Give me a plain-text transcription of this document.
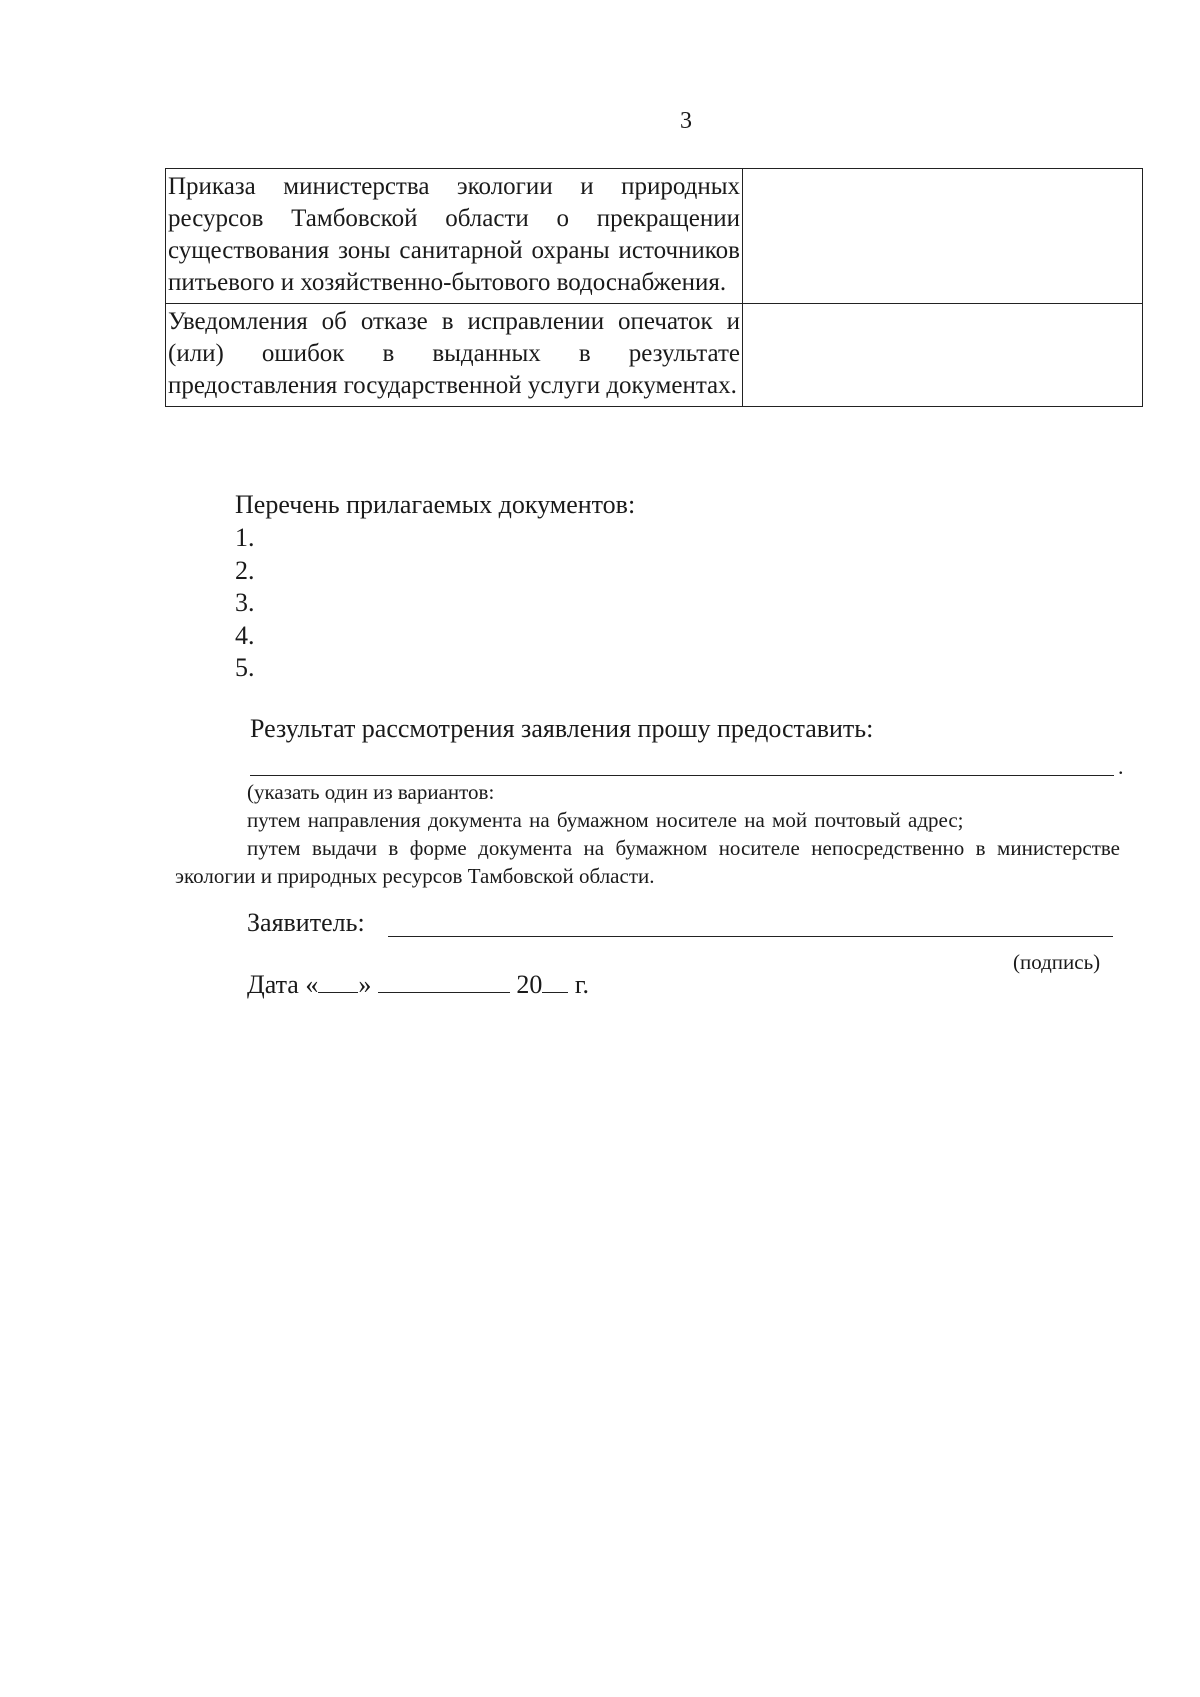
3
Приказа министерства экологии и природных ресурсов Тамбовской области о прекращении существования зоны санитарной охраны источников питьевого и хозяйственно-бытового водоснабжения.	
Уведомления об отказе в исправлении опечаток и (или) ошибок в выданных в результате предоставления государственной услуги документах.	
Перечень прилагаемых документов:
1.
2.
3.
4.
5.
Результат рассмотрения заявления прошу предоставить:
.
(указать один из вариантов:
путем направления документа на бумажном носителе на мой почтовый адрес;
путем выдачи в форме документа на бумажном носителе непосредственно в министерстве экологии и природных ресурсов Тамбовской области.
Заявитель:
(подпись)
Дата « »	20 г.
